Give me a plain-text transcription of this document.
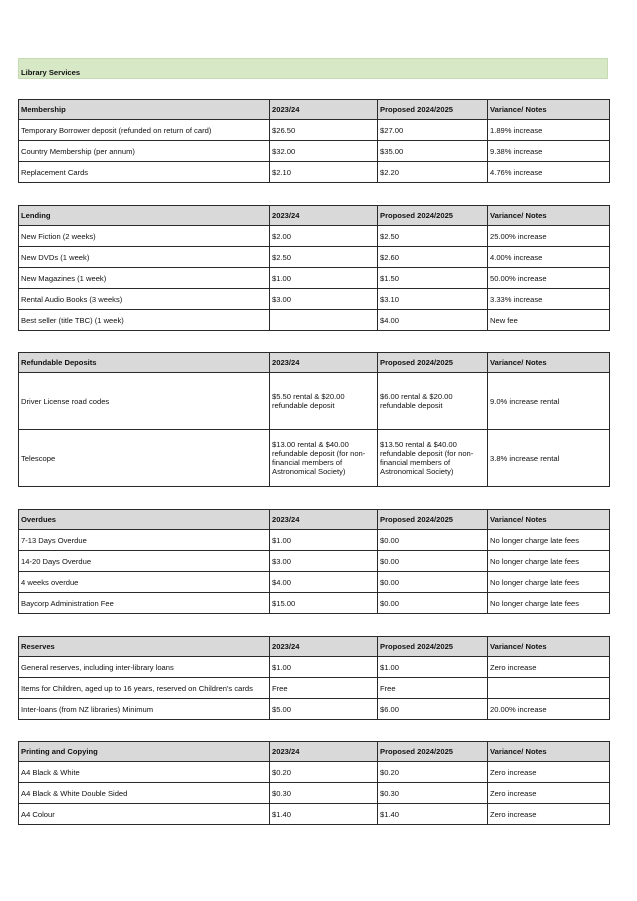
Library Services
Membership	2023/24	Proposed 2024/2025	Variance/ Notes
Temporary Borrower deposit (refunded on return of card)	$26.50	$27.00	1.89% increase
Country Membership (per annum)	$32.00	$35.00	9.38% increase
Replacement Cards	$2.10	$2.20	4.76% increase
Lending	2023/24	Proposed 2024/2025	Variance/ Notes
New Fiction (2 weeks)	$2.00	$2.50	25.00% increase
New DVDs (1 week)	$2.50	$2.60	4.00% increase
New Magazines (1 week)	$1.00	$1.50	50.00% increase
Rental Audio Books (3 weeks)	$3.00	$3.10	3.33% increase
Best seller (title TBC) (1 week)		$4.00	New fee
Refundable Deposits	2023/24	Proposed 2024/2025	Variance/ Notes
Driver License road codes	$5.50 rental & $20.00 refundable deposit	$6.00 rental & $20.00 refundable deposit	9.0% increase rental
Telescope	$13.00 rental & $40.00 refundable deposit (for non-financial members of Astronomical Society)	$13.50 rental & $40.00 refundable deposit (for non-financial members of Astronomical Society)	3.8% increase rental
Overdues	2023/24	Proposed 2024/2025	Variance/ Notes
7-13 Days Overdue	$1.00	$0.00	No longer charge late fees
14-20 Days Overdue	$3.00	$0.00	No longer charge late fees
4 weeks overdue	$4.00	$0.00	No longer charge late fees
Baycorp Administration Fee	$15.00	$0.00	No longer charge late fees
Reserves	2023/24	Proposed 2024/2025	Variance/ Notes
General reserves, including inter-library loans	$1.00	$1.00	Zero increase
Items for Children, aged up to 16 years, reserved on Children's cards	Free	Free	
Inter-loans (from NZ libraries) Minimum	$5.00	$6.00	20.00% increase
Printing and Copying	2023/24	Proposed 2024/2025	Variance/ Notes
A4 Black & White	$0.20	$0.20	Zero increase
A4 Black & White Double Sided	$0.30	$0.30	Zero increase
A4 Colour	$1.40	$1.40	Zero increase
